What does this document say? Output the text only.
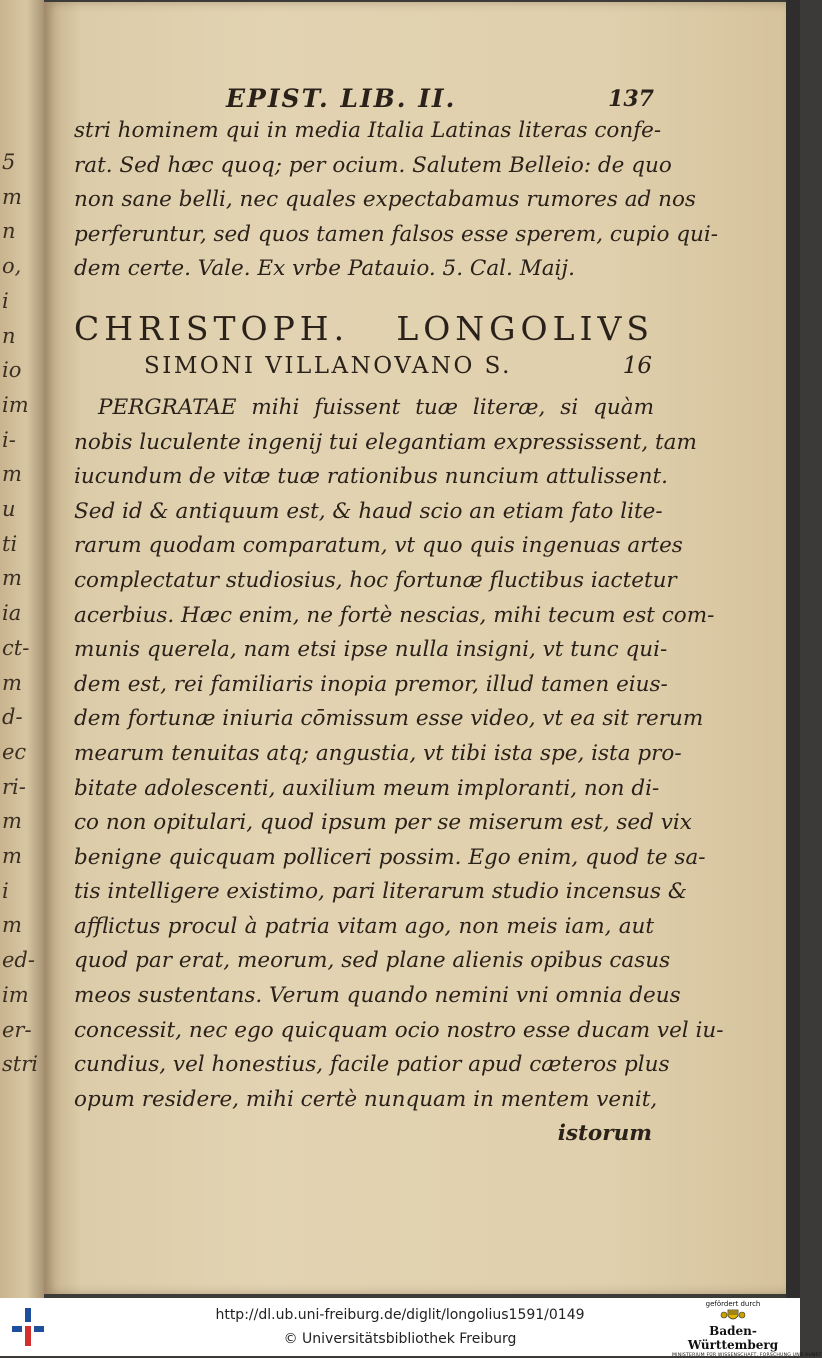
5
m
n
o,
i
n
io
im
i-
m
u
ti
m
ia
ct-
m
d-
ec
ri-
m
m
i
m
ed-
im
er-
stri
EPIST. LIB. II.	137
stri hominem qui in media Italia Latinas literas confe-
rat. Sed hæc quoq; per ocium. Salutem Belleio: de quo
non sane belli, nec quales expectabamus rumores ad nos
perferuntur, sed quos tamen falsos esse sperem, cupio qui-
dem certe. Vale. Ex vrbe Patauio. 5. Cal. Maij.
CHRISTOPH. LONGOLIVS
SIMONI VILLANOVANO S.	16
PERGRATAE mihi fuissent tuæ literæ, si quàm
nobis luculente ingenij tui elegantiam expressissent, tam
iucundum de vitæ tuæ rationibus nuncium attulissent.
Sed id & antiquum est, & haud scio an etiam fato lite-
rarum quodam comparatum, vt quo quis ingenuas artes
complectatur studiosius, hoc fortunæ fluctibus iactetur
acerbius. Hæc enim, ne fortè nescias, mihi tecum est com-
munis querela, nam etsi ipse nulla insigni, vt tunc qui-
dem est, rei familiaris inopia premor, illud tamen eius-
dem fortunæ iniuria cōmissum esse video, vt ea sit rerum
mearum tenuitas atq; angustia, vt tibi ista spe, ista pro-
bitate adolescenti, auxilium meum imploranti, non di-
co non opitulari, quod ipsum per se miserum est, sed vix
benigne quicquam polliceri possim. Ego enim, quod te sa-
tis intelligere existimo, pari literarum studio incensus &
afflictus procul à patria vitam ago, non meis iam, aut
quod par erat, meorum, sed plane alienis opibus casus
meos sustentans. Verum quando nemini vni omnia deus
concessit, nec ego quicquam ocio nostro esse ducam vel iu-
cundius, vel honestius, facile patior apud cæteros plus
opum residere, mihi certè nunquam in mentem venit,
istorum
http://dl.ub.uni-freiburg.de/diglit/longolius1591/0149
© Universitätsbibliothek Freiburg
gefördert durch
Baden-Württemberg
MINISTERIUM FÜR WISSENSCHAFT, FORSCHUNG UND KUNST
